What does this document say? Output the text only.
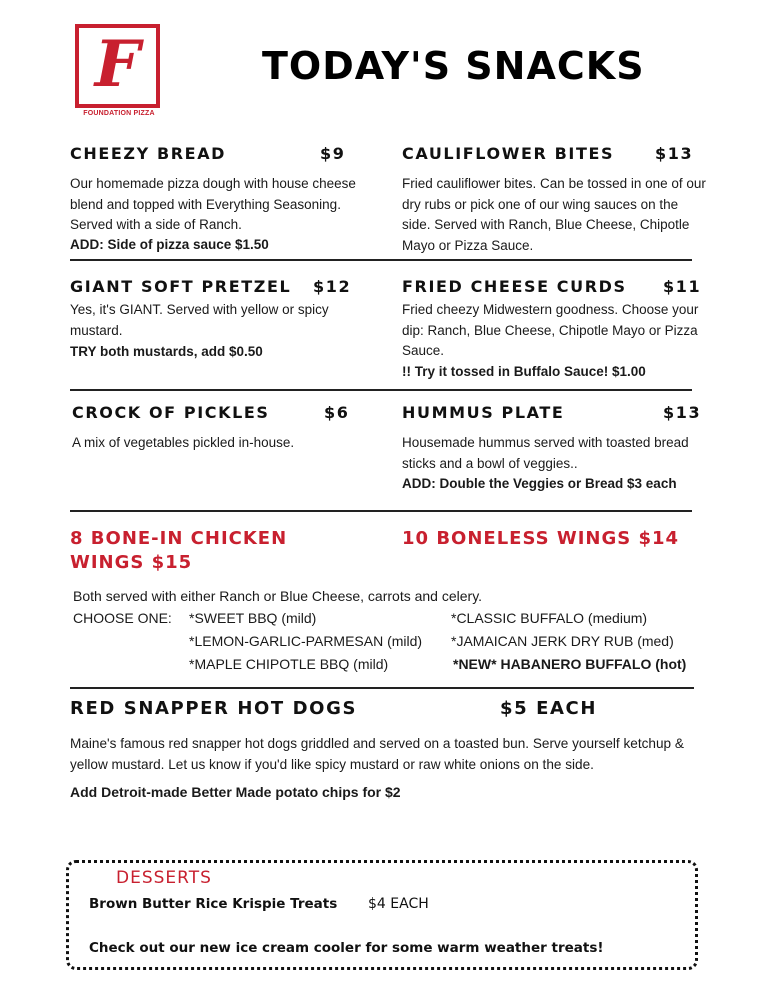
F
FOUNDATION PIZZA
TODAY'S SNACKS
CHEEZY BREAD	$9
Our homemade pizza dough with house cheese blend and topped with Everything Seasoning. Served with a side of Ranch.
ADD: Side of pizza sauce $1.50
CAULIFLOWER BITES	$13
Fried cauliflower bites. Can be tossed in one of our dry rubs or pick one of our wing sauces on the side. Served with Ranch, Blue Cheese, Chipotle Mayo or Pizza Sauce.
GIANT SOFT PRETZEL $12
Yes, it's GIANT. Served with yellow or spicy mustard.
TRY both mustards, add $0.50
FRIED CHEESE CURDS $11
Fried cheezy Midwestern goodness. Choose your dip: Ranch, Blue Cheese, Chipotle Mayo or Pizza Sauce.
!! Try it tossed in Buffalo Sauce! $1.00
CROCK OF PICKLES	$6
A mix of vegetables pickled in-house.
HUMMUS PLATE	$13
Housemade hummus served with toasted bread sticks and a bowl of veggies..
ADD: Double the Veggies or Bread $3 each
8 BONE-IN CHICKEN WINGS $15
10 BONELESS WINGS $14
Both served with either Ranch or Blue Cheese, carrots and celery.
CHOOSE ONE: *SWEET BBQ (mild)
*LEMON-GARLIC-PARMESAN (mild)
*MAPLE CHIPOTLE BBQ (mild)
*CLASSIC BUFFALO (medium)
*JAMAICAN JERK DRY RUB (med)
*NEW* HABANERO BUFFALO (hot)
RED SNAPPER HOT DOGS	$5 EACH
Maine's famous red snapper hot dogs griddled and served on a toasted bun. Serve yourself ketchup & yellow mustard. Let us know if you'd like spicy mustard or raw white onions on the side.
Add Detroit-made Better Made potato chips for $2
DESSERTS
Brown Butter Rice Krispie Treats $4 EACH
Check out our new ice cream cooler for some warm weather treats!
